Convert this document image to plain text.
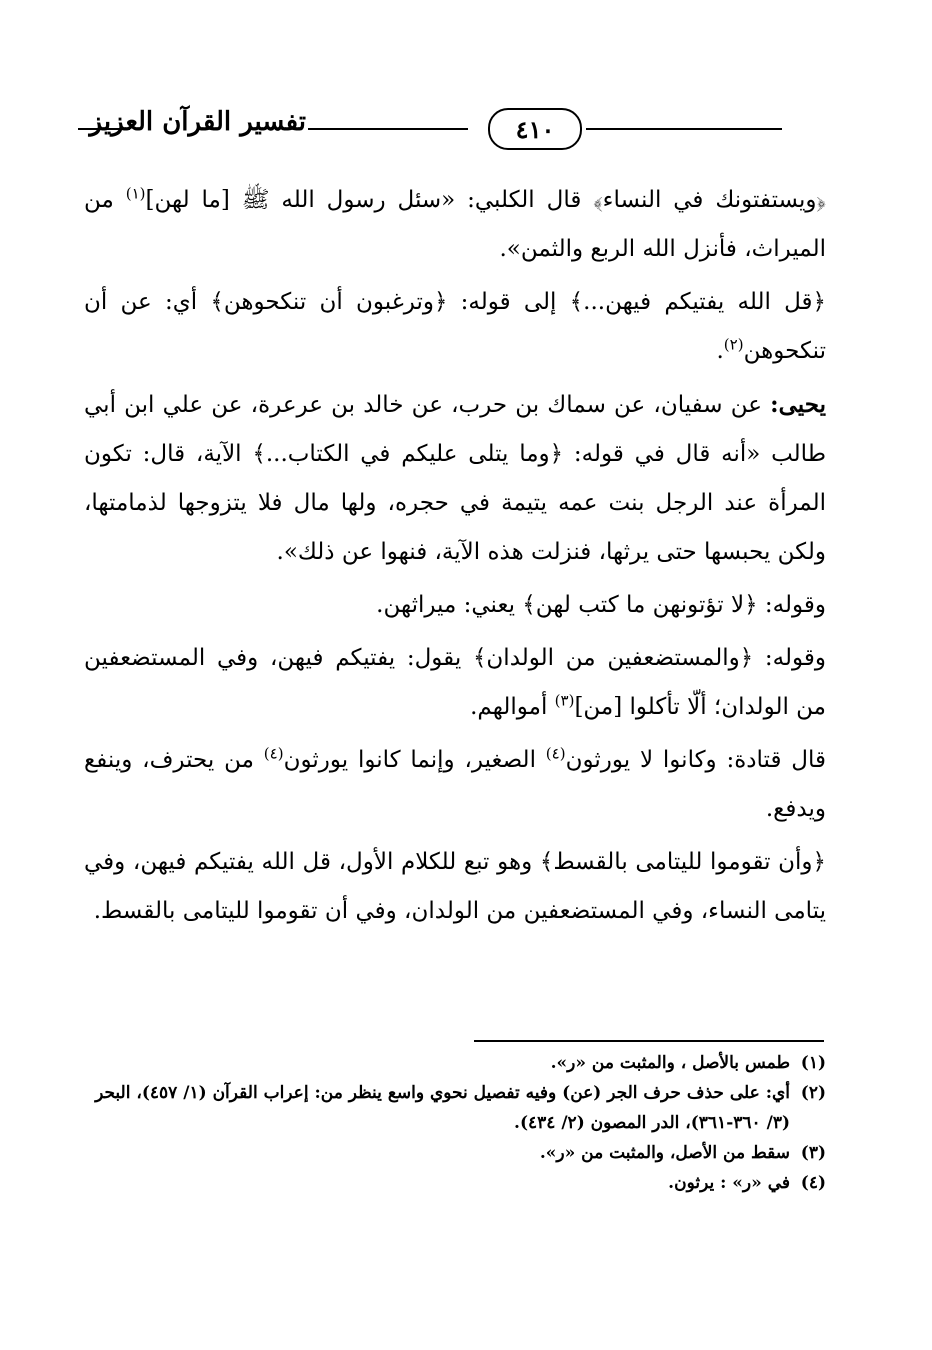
تفسير القرآن العزيز	٤١٠

﴿ويستفتونك في النساء﴾ قال الكلبي: «سئل رسول الله ﷺ [ما لهن]$^{(١)}$ من الميراث، فأنزل الله الربع والثمن».

﴿قل الله يفتيكم فيهن...﴾ إلى قوله: ﴿وترغبون أن تنكحوهن﴾ أي: عن أن تنكحوهن$^{(٢)}$.

يحيى: عن سفيان، عن سماك بن حرب، عن خالد بن عرعرة، عن علي ابن أبي طالب «أنه قال في قوله: ﴿وما يتلى عليكم في الكتاب...﴾ الآية، قال: تكون المرأة عند الرجل بنت عمه يتيمة في حجره، ولها مال فلا يتزوجها لذمامتها، ولكن يحبسها حتى يرثها، فنزلت هذه الآية، فنهوا عن ذلك».

وقوله: ﴿لا تؤتونهن ما كتب لهن﴾ يعني: ميراثهن.

وقوله: ﴿والمستضعفين من الولدان﴾ يقول: يفتيكم فيهن، وفي المستضعفين من الولدان؛ ألّا تأكلوا [من]$^{(٣)}$ أموالهم.

قال قتادة: وكانوا لا يورثون$^{(٤)}$ الصغير، وإنما كانوا يورثون$^{(٤)}$ من يحترف، وينفع ويدفع.

﴿وأن تقوموا لليتامى بالقسط﴾ وهو تبع للكلام الأول، قل الله يفتيكم فيهن، وفي يتامى النساء، وفي المستضعفين من الولدان، وفي أن تقوموا لليتامى بالقسط.

(١)
طمس بالأصل ، والمثبت من «ر».
(٢)
أي: على حذف حرف الجر (عن) وفيه تفصيل نحوي واسع ينظر من: إعراب القرآن (١/ ٤٥٧)، البحر (٣/ ٣٦٠-٣٦١)، الدر المصون (٢/ ٤٣٤).
(٣)
سقط من الأصل، والمثبت من «ر».
(٤)
في «ر» : يرثون.
